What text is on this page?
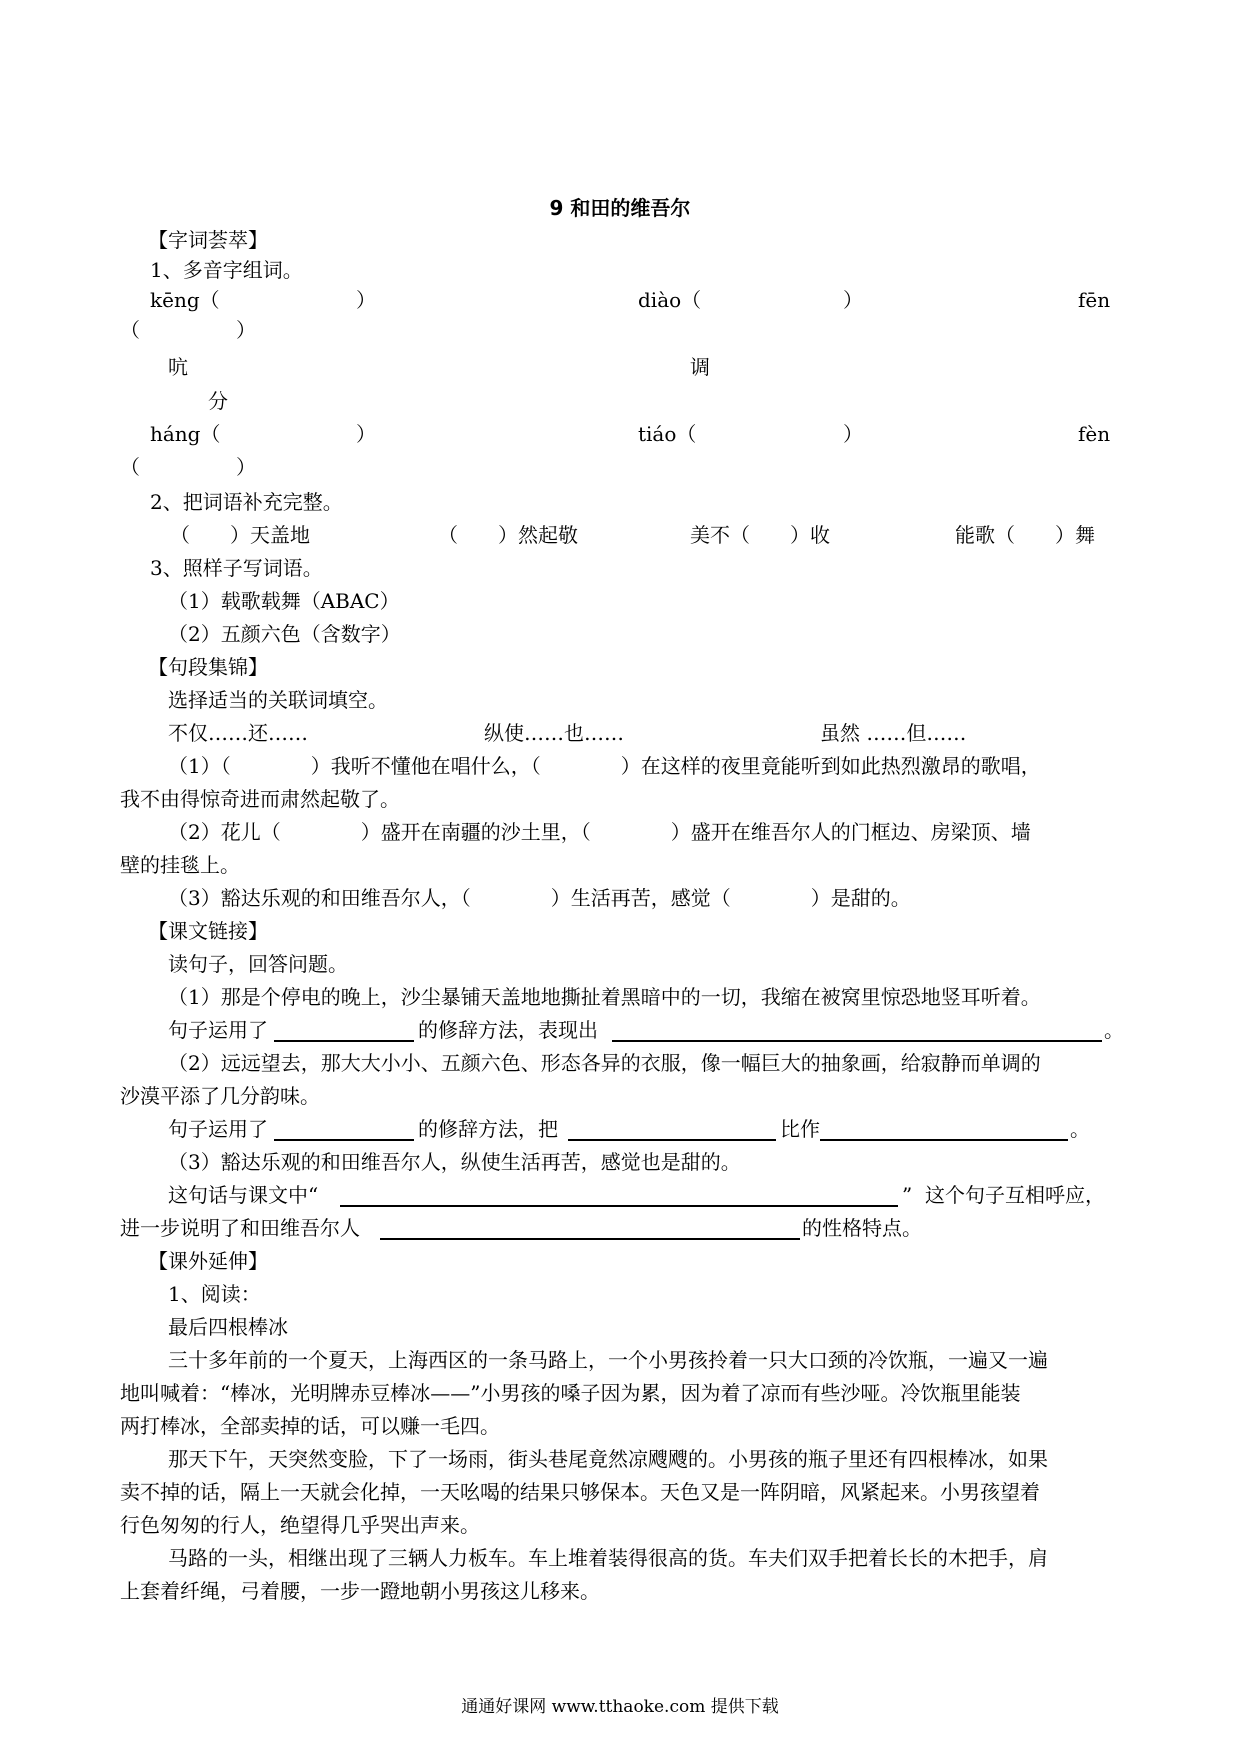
9 和田的维吾尔
【字词荟萃】
1、多音字组词。
kēng（	）	diào（	）	fēn
（	）
吭	调
分
háng（	）	tiáo（	）	fèn
（	）
2、把词语补充完整。
（　　）天盖地	（　　）然起敬	美不（　　）收	能歌（　　）舞
3、照样子写词语。
（1）载歌载舞（ABAC）
（2）五颜六色（含数字）
【句段集锦】
选择适当的关联词填空。
不仅……还……	纵使……也……	虽然 ……但……
（1）（　　　　）我听不懂他在唱什么，（　　　　）在这样的夜里竟能听到如此热烈激昂的歌唱，
我不由得惊奇进而肃然起敬了。
（2）花儿（　　　　）盛开在南疆的沙土里，（　　　　）盛开在维吾尔人的门框边、房梁顶、墙
壁的挂毯上。
（3）豁达乐观的和田维吾尔人，（　　　　）生活再苦，感觉（　　　　）是甜的。
【课文链接】
读句子，回答问题。
（1）那是个停电的晚上，沙尘暴铺天盖地地撕扯着黑暗中的一切，我缩在被窝里惊恐地竖耳听着。
句子运用了	的修辞方法，表现出	。
（2）远远望去，那大大小小、五颜六色、形态各异的衣服，像一幅巨大的抽象画，给寂静而单调的
沙漠平添了几分韵味。
句子运用了	的修辞方法，把	比作	。
（3）豁达乐观的和田维吾尔人，纵使生活再苦，感觉也是甜的。
这句话与课文中“	”  这个句子互相呼应，
进一步说明了和田维吾尔人	的性格特点。
【课外延伸】
1、阅读：
最后四根棒冰
三十多年前的一个夏天，上海西区的一条马路上，一个小男孩拎着一只大口颈的冷饮瓶，一遍又一遍
地叫喊着：“棒冰，光明牌赤豆棒冰——”小男孩的嗓子因为累，因为着了凉而有些沙哑。冷饮瓶里能装
两打棒冰，全部卖掉的话，可以赚一毛四。
那天下午，天突然变脸，下了一场雨，街头巷尾竟然凉飕飕的。小男孩的瓶子里还有四根棒冰，如果
卖不掉的话，隔上一天就会化掉，一天吆喝的结果只够保本。天色又是一阵阴暗，风紧起来。小男孩望着
行色匆匆的行人，绝望得几乎哭出声来。
马路的一头，相继出现了三辆人力板车。车上堆着装得很高的货。车夫们双手把着长长的木把手，肩
上套着纤绳，弓着腰，一步一蹬地朝小男孩这儿移来。
通通好课网 www.tthaoke.com 提供下载
